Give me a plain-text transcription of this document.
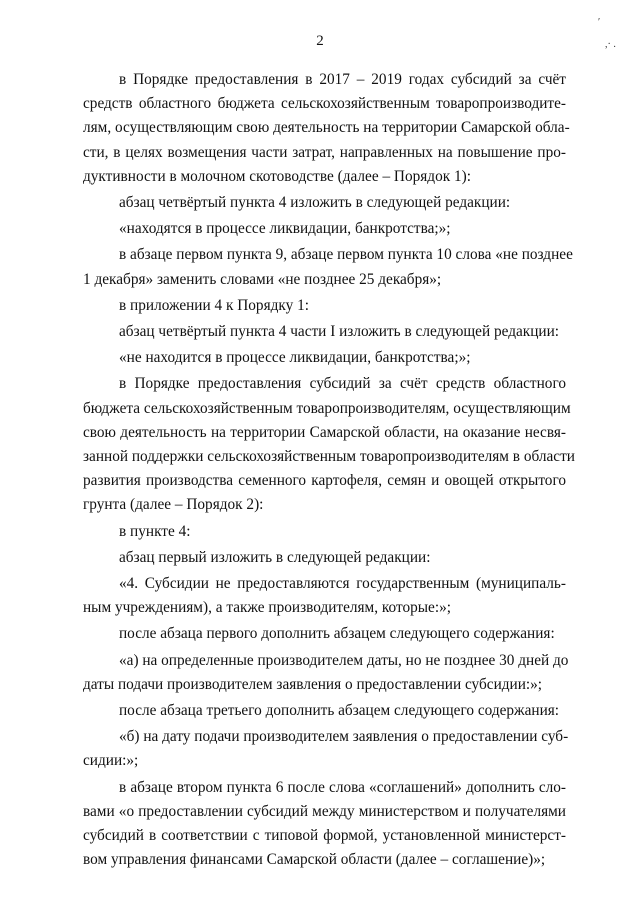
2
′
,· .

в Порядке предоставления в 2017 – 2019 годах субсидий за счёт
средств областного бюджета сельскохозяйственным товаропроизводите-
лям, осуществляющим свою деятельность на территории Самарской обла-
сти, в целях возмещения части затрат, направленных на повышение про-
дуктивности в молочном скотоводстве (далее – Порядок 1):

абзац четвёртый пункта 4 изложить в следующей редакции:

«находятся в процессе ликвидации, банкротства;»;

в абзаце первом пункта 9, абзаце первом пункта 10 слова «не позднее
1 декабря» заменить словами «не позднее 25 декабря»;

в приложении 4 к Порядку 1:

абзац четвёртый пункта 4 части I изложить в следующей редакции:

«не находится в процессе ликвидации, банкротства;»;

в Порядке предоставления субсидий за счёт средств областного
бюджета сельскохозяйственным товаропроизводителям, осуществляющим
свою деятельность на территории Самарской области, на оказание несвя-
занной поддержки сельскохозяйственным товаропроизводителям в области
развития производства семенного картофеля, семян и овощей открытого
грунта (далее – Порядок 2):

в пункте 4:

абзац первый изложить в следующей редакции:

«4. Субсидии не предоставляются государственным (муниципаль-
ным учреждениям), а также производителям, которые:»;

после абзаца первого дополнить абзацем следующего содержания:

«а) на определенные производителем даты, но не позднее 30 дней до
даты подачи производителем заявления о предоставлении субсидии:»;

после абзаца третьего дополнить абзацем следующего содержания:

«б) на дату подачи производителем заявления о предоставлении суб-
сидии:»;

в абзаце втором пункта 6 после слова «соглашений» дополнить сло-
вами «о предоставлении субсидий между министерством и получателями
субсидий в соответствии с типовой формой, установленной министерст-
вом управления финансами Самарской области (далее – соглашение)»;
